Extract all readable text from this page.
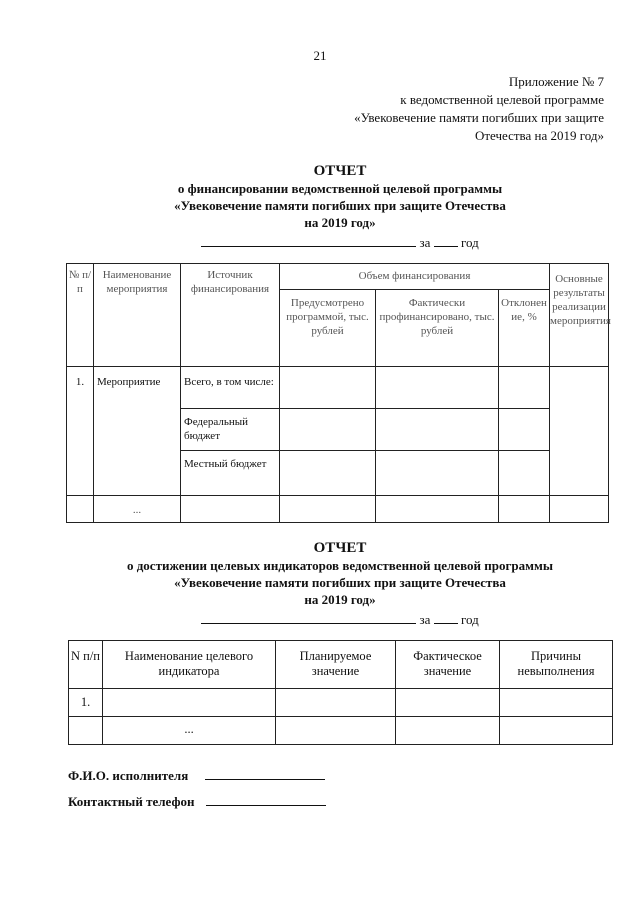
21
Приложение № 7
к ведомственной целевой программе
«Увековечение памяти погибших при защите
Отечества на 2019 год»
ОТЧЕТ
о финансировании ведомственной целевой программы
«Увековечение памяти погибших при защите Отечества
на 2019 год»
за год
№ п/п	Наименование мероприятия	Источник финансирования	Объем финансирования			Основные результаты реализации мероприятия
			Предусмотрено программой, тыс. рублей	Фактически профинансировано, тыс. рублей	Отклонение, %	
1.	Мероприятие	Всего, в том числе:				
		Федеральный бюджет				
		Местный бюджет				
	...					
ОТЧЕТ
о достижении целевых индикаторов ведомственной целевой программы
«Увековечение памяти погибших при защите Отечества
на 2019 год»
за год
N п/п	Наименование целевого индикатора	Планируемое значение	Фактическое значение	Причины невыполнения
1.				
	...			
Ф.И.О. исполнителя
Контактный телефон
